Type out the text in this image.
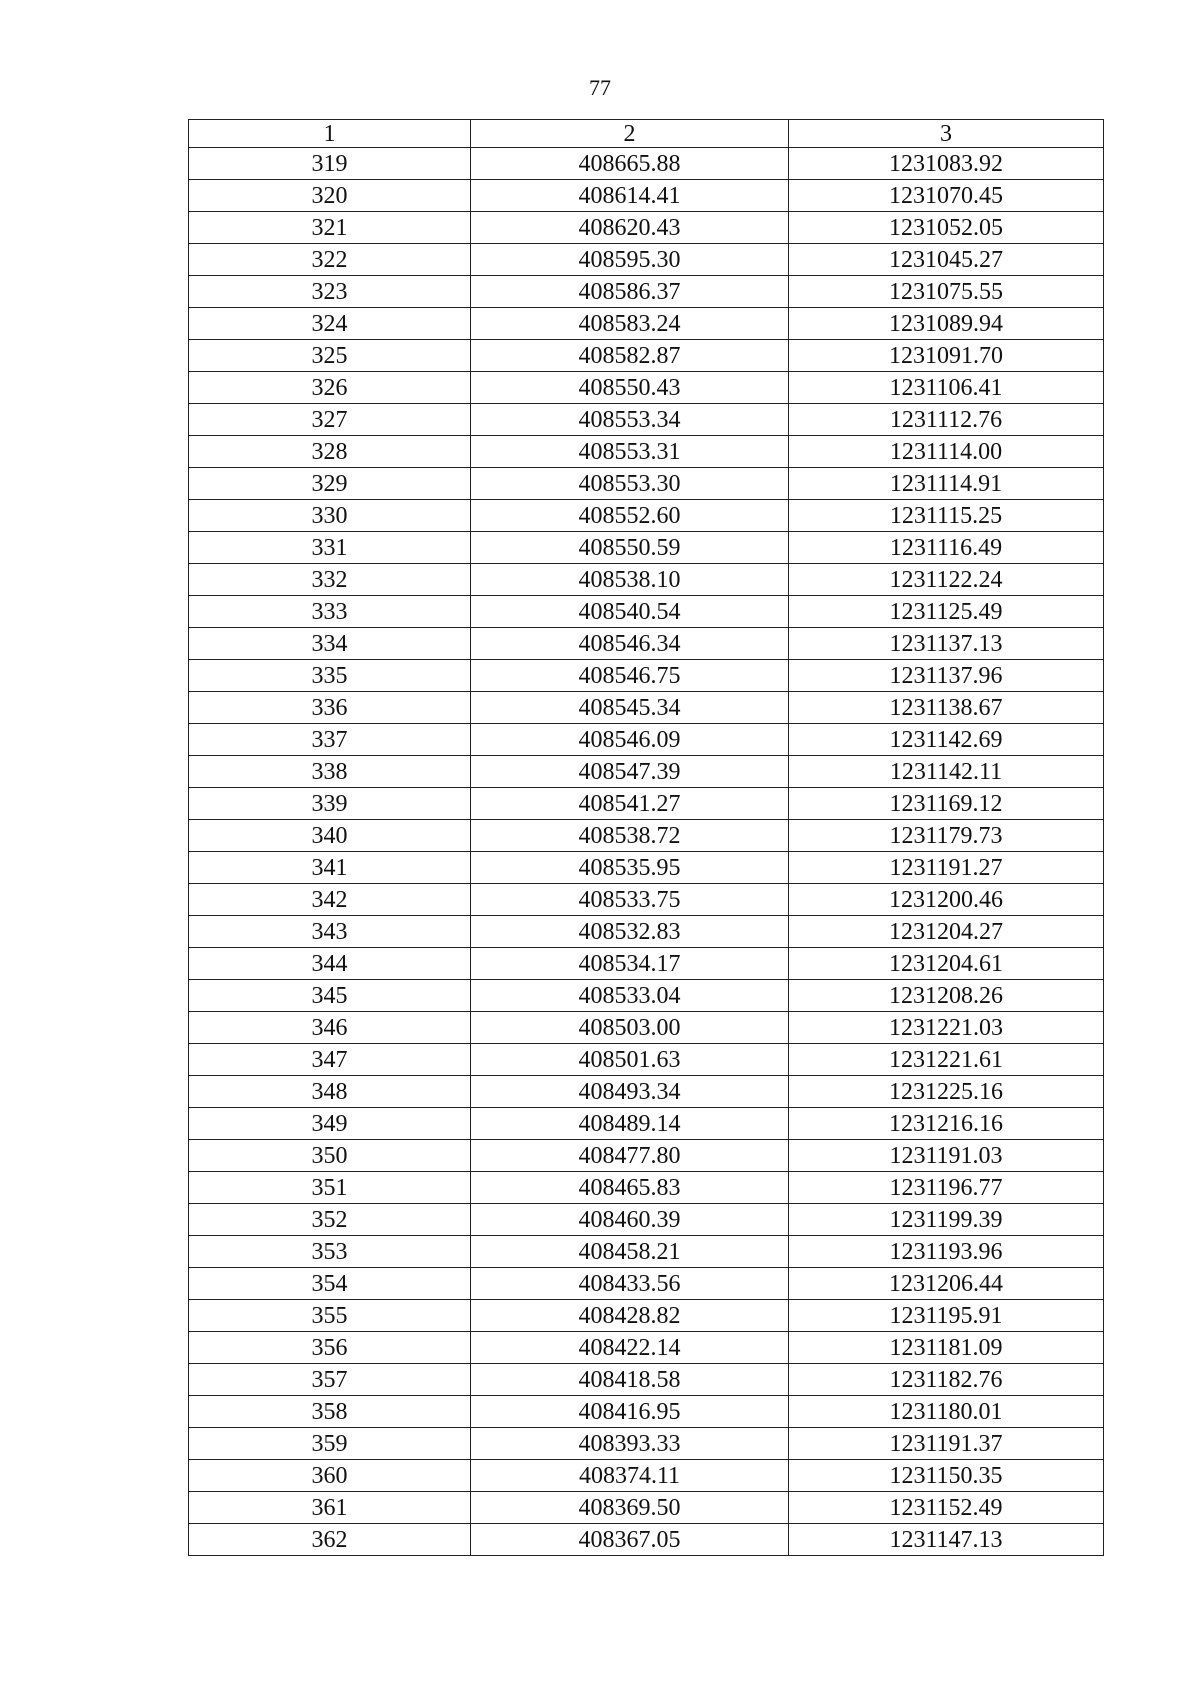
77
1	2	3
319	408665.88	1231083.92
320	408614.41	1231070.45
321	408620.43	1231052.05
322	408595.30	1231045.27
323	408586.37	1231075.55
324	408583.24	1231089.94
325	408582.87	1231091.70
326	408550.43	1231106.41
327	408553.34	1231112.76
328	408553.31	1231114.00
329	408553.30	1231114.91
330	408552.60	1231115.25
331	408550.59	1231116.49
332	408538.10	1231122.24
333	408540.54	1231125.49
334	408546.34	1231137.13
335	408546.75	1231137.96
336	408545.34	1231138.67
337	408546.09	1231142.69
338	408547.39	1231142.11
339	408541.27	1231169.12
340	408538.72	1231179.73
341	408535.95	1231191.27
342	408533.75	1231200.46
343	408532.83	1231204.27
344	408534.17	1231204.61
345	408533.04	1231208.26
346	408503.00	1231221.03
347	408501.63	1231221.61
348	408493.34	1231225.16
349	408489.14	1231216.16
350	408477.80	1231191.03
351	408465.83	1231196.77
352	408460.39	1231199.39
353	408458.21	1231193.96
354	408433.56	1231206.44
355	408428.82	1231195.91
356	408422.14	1231181.09
357	408418.58	1231182.76
358	408416.95	1231180.01
359	408393.33	1231191.37
360	408374.11	1231150.35
361	408369.50	1231152.49
362	408367.05	1231147.13
